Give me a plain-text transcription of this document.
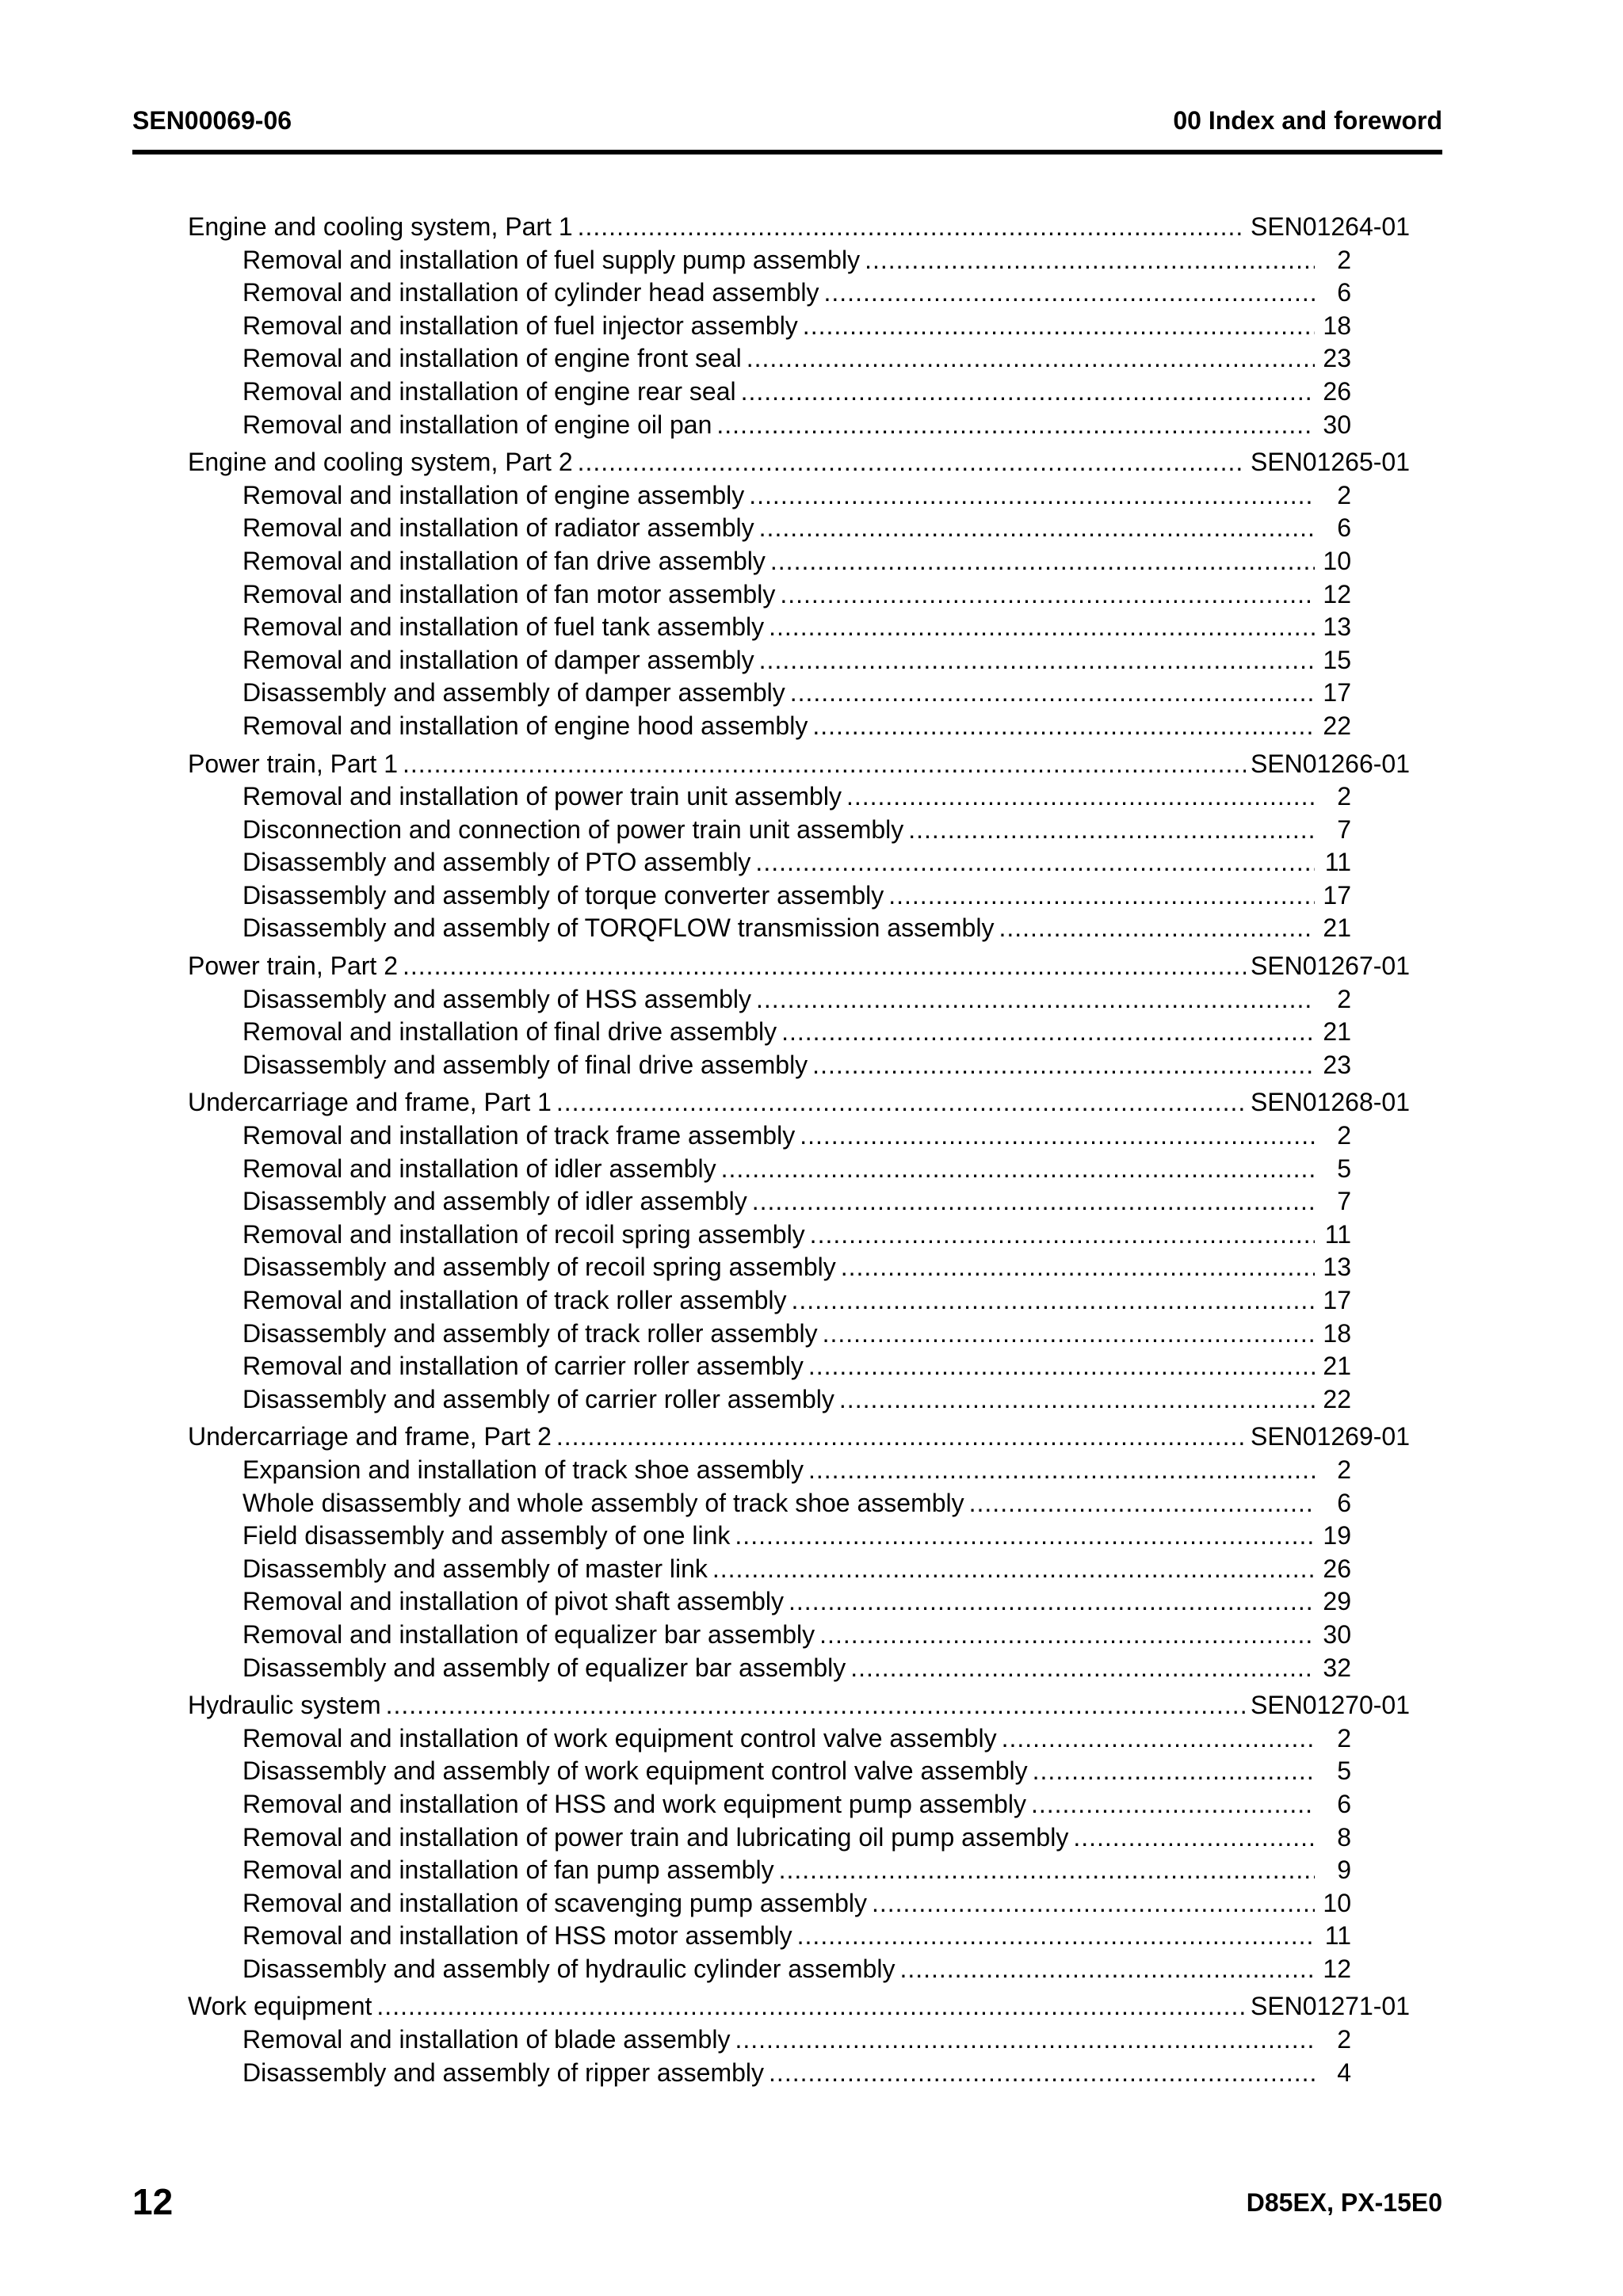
SEN00069-06	00 Index and foreword
Engine and cooling system, Part 1 .....	SEN01264-01
Removal and installation of fuel supply pump assembly .....	2
Removal and installation of cylinder head assembly .....	6
Removal and installation of fuel injector assembly .....	18
Removal and installation of engine front seal .....	23
Removal and installation of engine rear seal .....	26
Removal and installation of engine oil pan .....	30
Engine and cooling system, Part 2 .....	SEN01265-01
Removal and installation of engine assembly .....	2
Removal and installation of radiator assembly .....	6
Removal and installation of fan drive assembly .....	10
Removal and installation of fan motor assembly .....	12
Removal and installation of fuel tank assembly .....	13
Removal and installation of damper assembly .....	15
Disassembly and assembly of damper assembly .....	17
Removal and installation of engine hood assembly .....	22
Power train, Part 1 .....	SEN01266-01
Removal and installation of power train unit assembly .....	2
Disconnection and connection of power train unit assembly .....	7
Disassembly and assembly of PTO assembly .....	11
Disassembly and assembly of torque converter assembly .....	17
Disassembly and assembly of TORQFLOW transmission assembly .....	21
Power train, Part 2 .....	SEN01267-01
Disassembly and assembly of HSS assembly .....	2
Removal and installation of final drive assembly .....	21
Disassembly and assembly of final drive assembly .....	23
Undercarriage and frame, Part 1 .....	SEN01268-01
Removal and installation of track frame assembly .....	2
Removal and installation of idler assembly .....	5
Disassembly and assembly of idler assembly .....	7
Removal and installation of recoil spring assembly .....	11
Disassembly and assembly of recoil spring assembly .....	13
Removal and installation of track roller assembly .....	17
Disassembly and assembly of track roller assembly .....	18
Removal and installation of carrier roller assembly .....	21
Disassembly and assembly of carrier roller assembly .....	22
Undercarriage and frame, Part 2 .....	SEN01269-01
Expansion and installation of track shoe assembly .....	2
Whole disassembly and whole assembly of track shoe assembly .....	6
Field disassembly and assembly of one link .....	19
Disassembly and assembly of master link .....	26
Removal and installation of pivot shaft assembly .....	29
Removal and installation of equalizer bar assembly .....	30
Disassembly and assembly of equalizer bar assembly .....	32
Hydraulic system .....	SEN01270-01
Removal and installation of work equipment control valve assembly .....	2
Disassembly and assembly of work equipment control valve assembly .....	5
Removal and installation of HSS and work equipment pump assembly .....	6
Removal and installation of power train and lubricating oil pump assembly .....	8
Removal and installation of fan pump assembly .....	9
Removal and installation of scavenging pump assembly .....	10
Removal and installation of HSS motor assembly .....	11
Disassembly and assembly of hydraulic cylinder assembly .....	12
Work equipment .....	SEN01271-01
Removal and installation of blade assembly .....	2
Disassembly and assembly of ripper assembly .....	4
12	D85EX, PX-15E0
